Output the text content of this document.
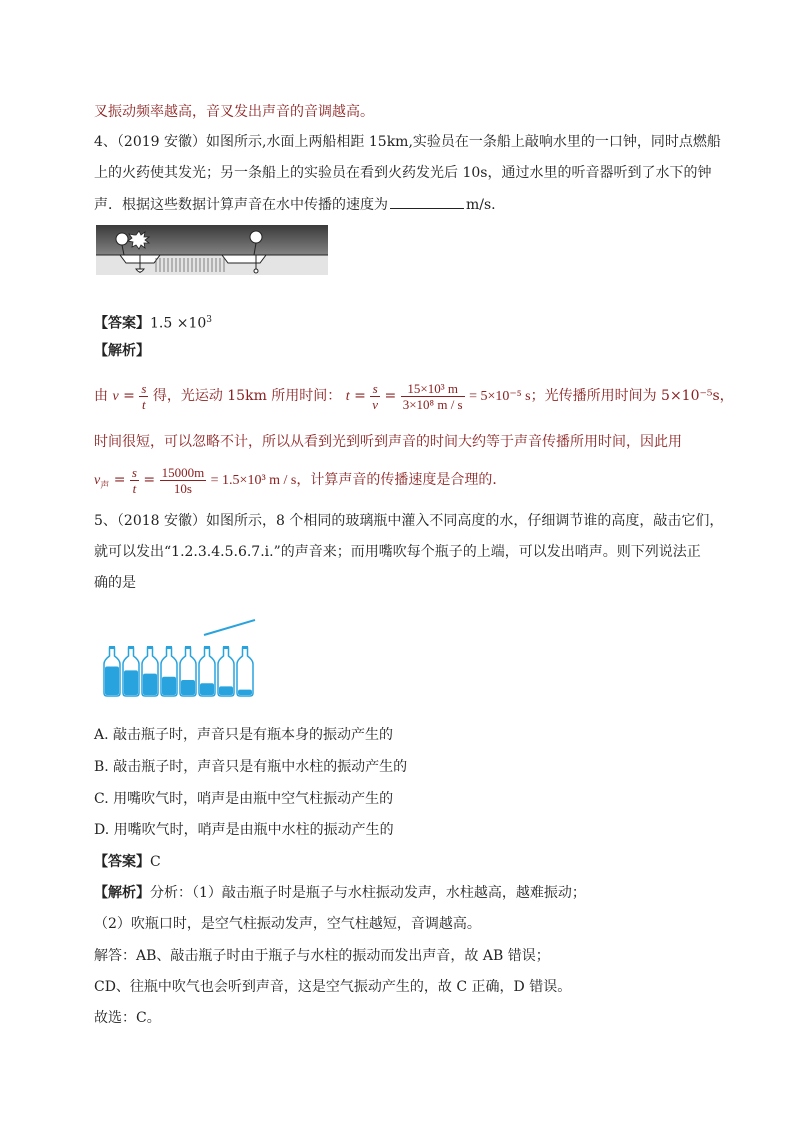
叉振动频率越高，音叉发出声音的音调越高。
4、（2019 安徽）如图所示,水面上两船相距 15km,实验员在一条船上敲响水里的一口钟，同时点燃船
上的火药使其发光；另一条船上的实验员在看到火药发光后 10s，通过水里的听音器听到了水下的钟
声．根据这些数据计算声音在水中传播的速度为	m/s.
【答案】$1.5 \times 10^3$
【解析】
由 $v = \frac{s}{t}$ 得，光运动 15km 所用时间： $t = \frac{s}{v} = \frac{\text{15×10³ m}}{\text{3×10⁸ m / s}} = 5\times 10^{-5}$ s；光传播所用时间为 5×10⁻⁵s，
时间很短，可以忽略不计，所以从看到光到听到声音的时间大约等于声音传播所用时间，因此用
$v_声 = \frac{s}{t} = \frac{15000m}{10s} = 1.5\times 10^3$ m / s，计算声音的传播速度是合理的．
5、（2018 安徽）如图所示，8 个相同的玻璃瓶中灌入不同高度的水，仔细调节谁的高度，敲击它们，
就可以发出“1.2.3.4.5.6.7.i.”的声音来；而用嘴吹每个瓶子的上端，可以发出哨声。则下列说法正
确的是
A. 敲击瓶子时，声音只是有瓶本身的振动产生的
B. 敲击瓶子时，声音只是有瓶中水柱的振动产生的
C. 用嘴吹气时，哨声是由瓶中空气柱振动产生的
D. 用嘴吹气时，哨声是由瓶中水柱的振动产生的
【答案】C
【解析】分析：（1）敲击瓶子时是瓶子与水柱振动发声，水柱越高，越难振动；
（2）吹瓶口时，是空气柱振动发声，空气柱越短，音调越高。
解答：AB、敲击瓶子时由于瓶子与水柱的振动而发出声音，故 AB 错误；
CD、往瓶中吹气也会听到声音，这是空气振动产生的，故 C 正确，D 错误。
故选：C。
